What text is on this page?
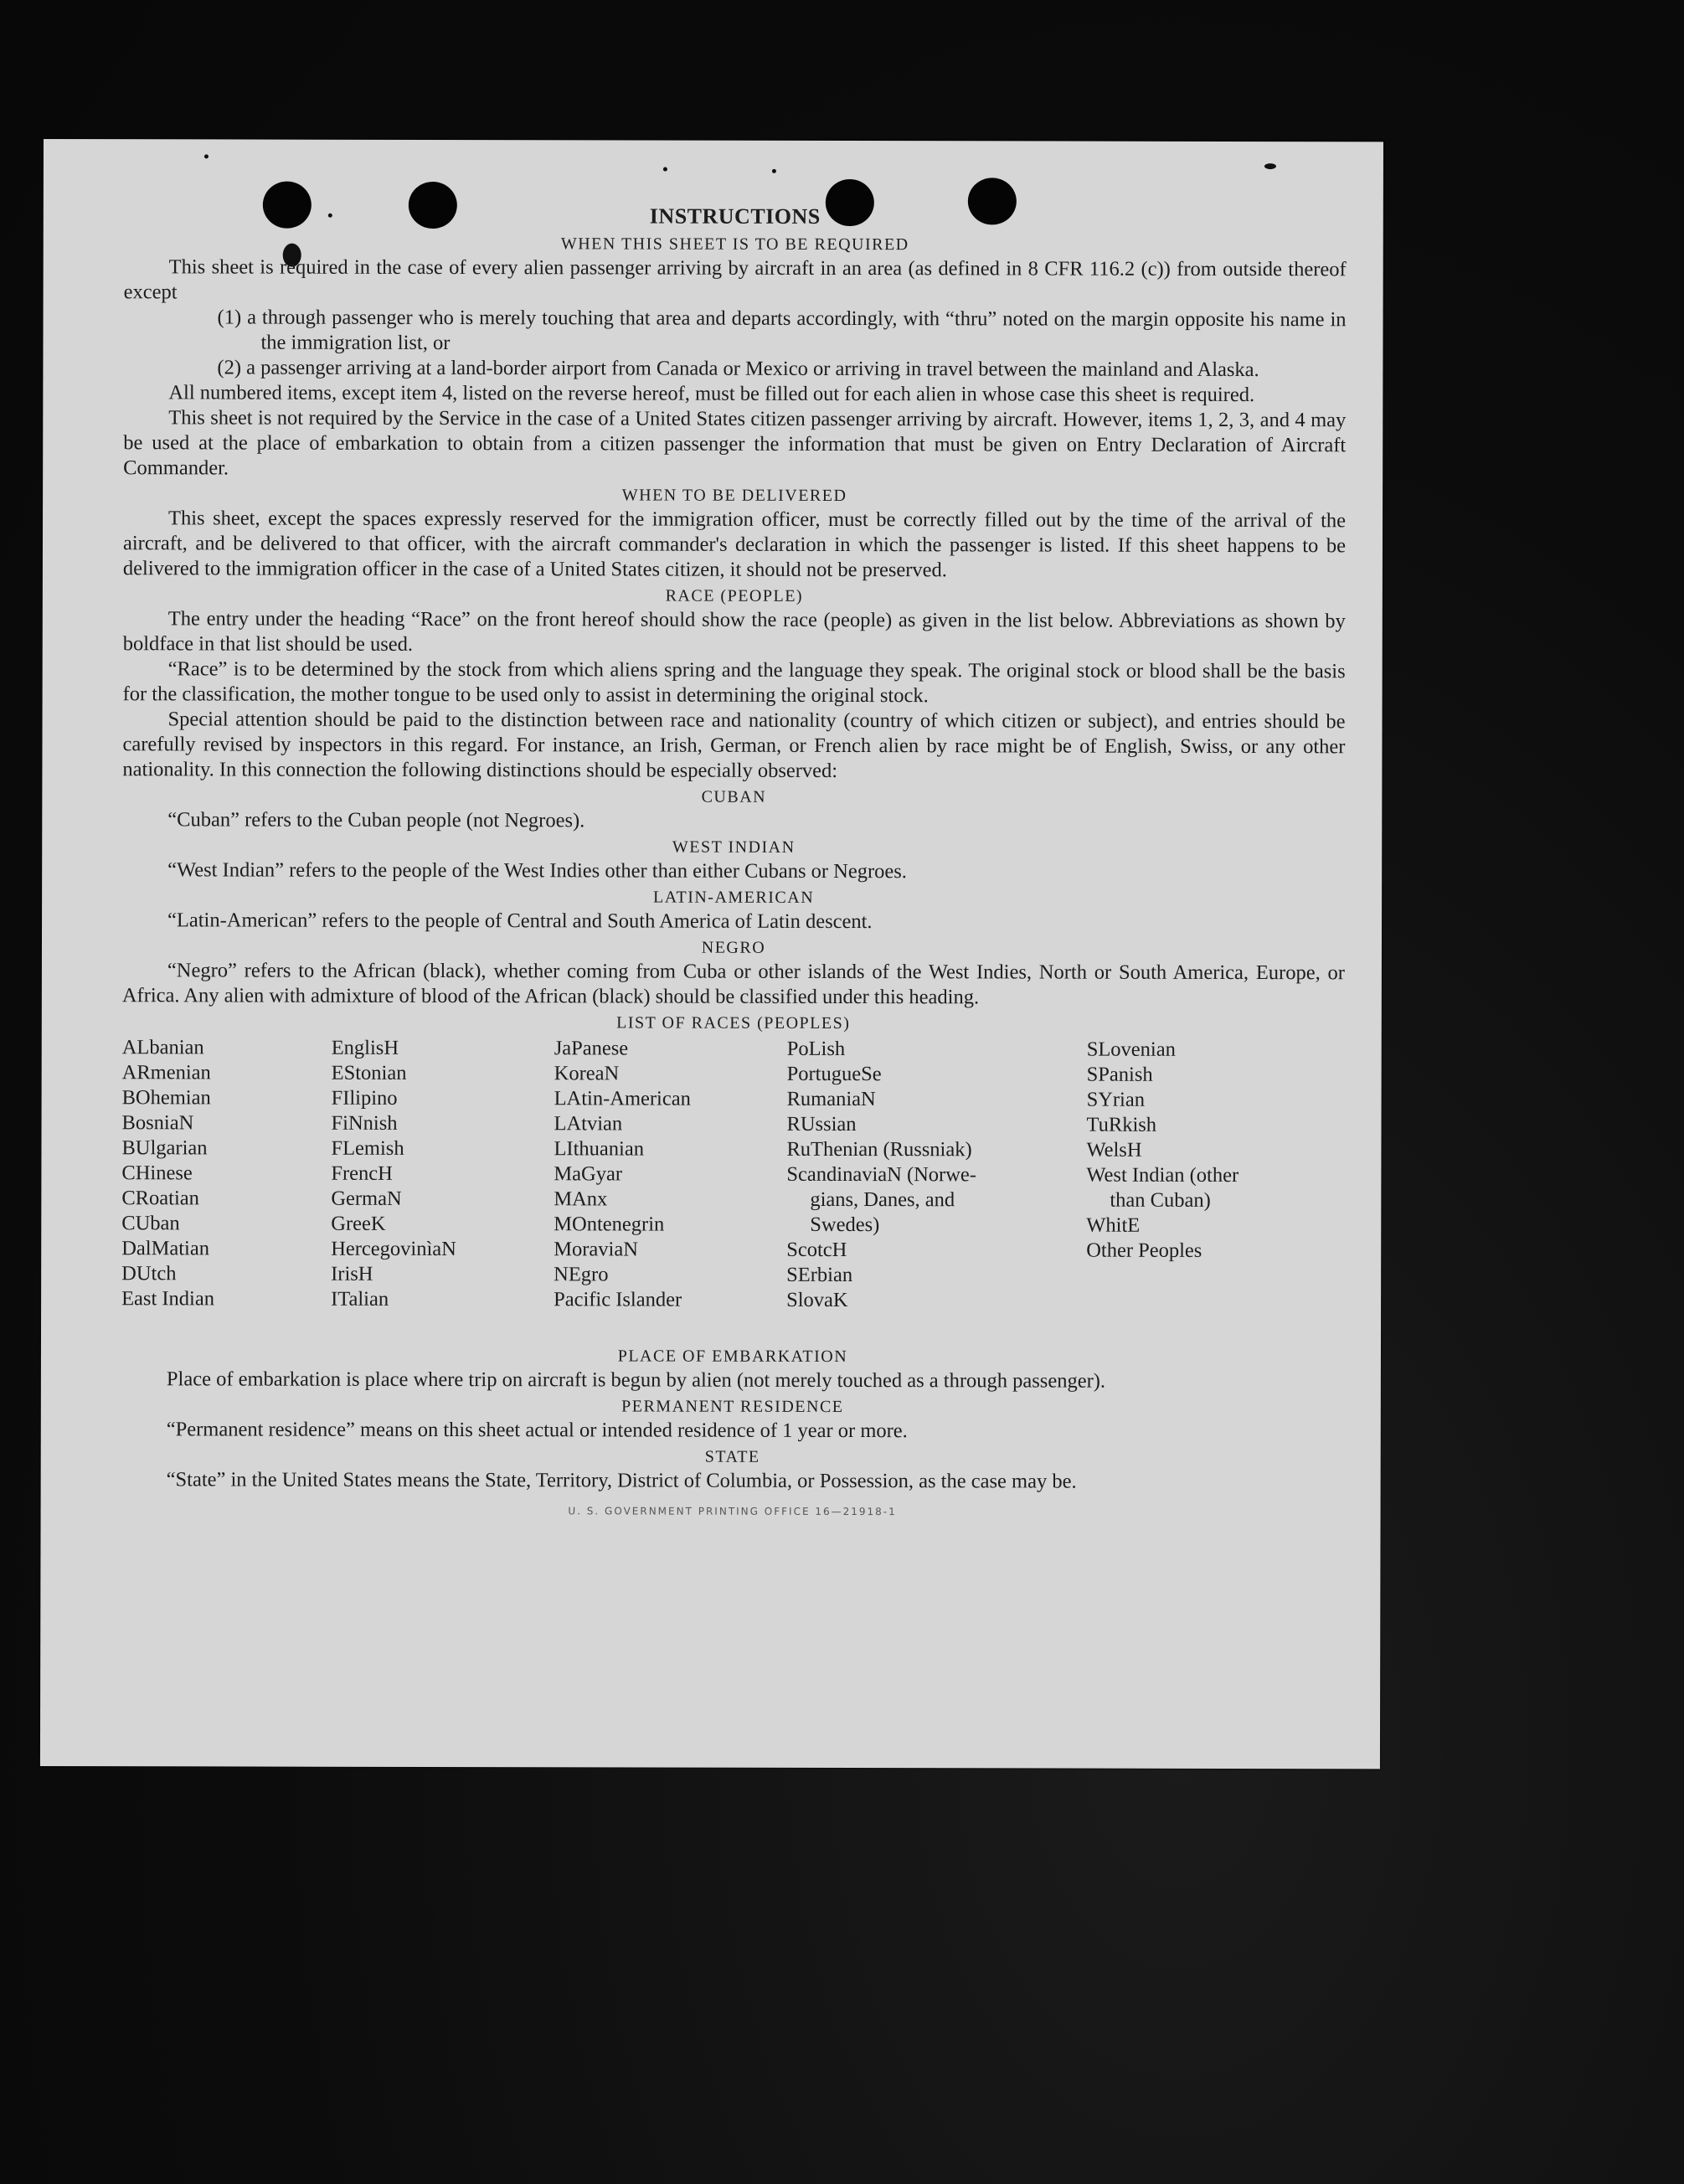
INSTRUCTIONS
WHEN THIS SHEET IS TO BE REQUIRED

This sheet is required in the case of every alien passenger arriving by aircraft in an area (as defined in 8 CFR 116.2 (c)) from outside thereof except

(1) a through passenger who is merely touching that area and departs accordingly, with “thru” noted on the margin opposite his name in the immigration list, or

(2) a passenger arriving at a land-border airport from Canada or Mexico or arriving in travel between the mainland and Alaska.

All numbered items, except item 4, listed on the reverse hereof, must be filled out for each alien in whose case this sheet is required.

This sheet is not required by the Service in the case of a United States citizen passenger arriving by aircraft. However, items 1, 2, 3, and 4 may be used at the place of embarkation to obtain from a citizen passenger the information that must be given on Entry Declaration of Aircraft Commander.

WHEN TO BE DELIVERED

This sheet, except the spaces expressly reserved for the immigration officer, must be correctly filled out by the time of the arrival of the aircraft, and be delivered to that officer, with the aircraft commander's declaration in which the passenger is listed. If this sheet happens to be delivered to the immigration officer in the case of a United States citizen, it should not be preserved.

RACE (PEOPLE)

The entry under the heading “Race” on the front hereof should show the race (people) as given in the list below. Abbreviations as shown by boldface in that list should be used.

“Race” is to be determined by the stock from which aliens spring and the language they speak. The original stock or blood shall be the basis for the classification, the mother tongue to be used only to assist in determining the original stock.

Special attention should be paid to the distinction between race and nationality (country of which citizen or subject), and entries should be carefully revised by inspectors in this regard. For instance, an Irish, German, or French alien by race might be of English, Swiss, or any other nationality. In this connection the following distinctions should be especially observed:

CUBAN

“Cuban” refers to the Cuban people (not Negroes).

WEST INDIAN

“West Indian” refers to the people of the West Indies other than either Cubans or Negroes.

LATIN-AMERICAN

“Latin-American” refers to the people of Central and South America of Latin descent.

NEGRO

“Negro” refers to the African (black), whether coming from Cuba or other islands of the West Indies, North or South America, Europe, or Africa. Any alien with admixture of blood of the African (black) should be classified under this heading.

LIST OF RACES (PEOPLES)
ALbanian
ARmenian
BOhemian
BosniaN
BUlgarian
CHinese
CRoatian
CUban
DalMatian
DUtch
East Indian
EnglisH
EStonian
FIlipino
FiNnish
FLemish
FrencH
GermaN
GreeK
HercegovinìaN
IrisH
ITalian
JaPanese
KoreaN
LAtin-American
LAtvian
LIthuanian
MaGyar
MAnx
MOntenegrin
MoraviaN
NEgro
Pacific Islander
PoLish
PortugueSe
RumaniaN
RUssian
RuThenian (Russniak)
ScandinaviaN (Norwe-
gians, Danes, and
Swedes)
ScotcH
SErbian
SlovaK
SLovenian
SPanish
SYrian
TuRkish
WelsH
West Indian (other
than Cuban)
WhitE
Other Peoples
PLACE OF EMBARKATION

Place of embarkation is place where trip on aircraft is begun by alien (not merely touched as a through passenger).

PERMANENT RESIDENCE

“Permanent residence” means on this sheet actual or intended residence of 1 year or more.

STATE

“State” in the United States means the State, Territory, District of Columbia, or Possession, as the case may be.

U. S. GOVERNMENT PRINTING OFFICE 16—21918-1
